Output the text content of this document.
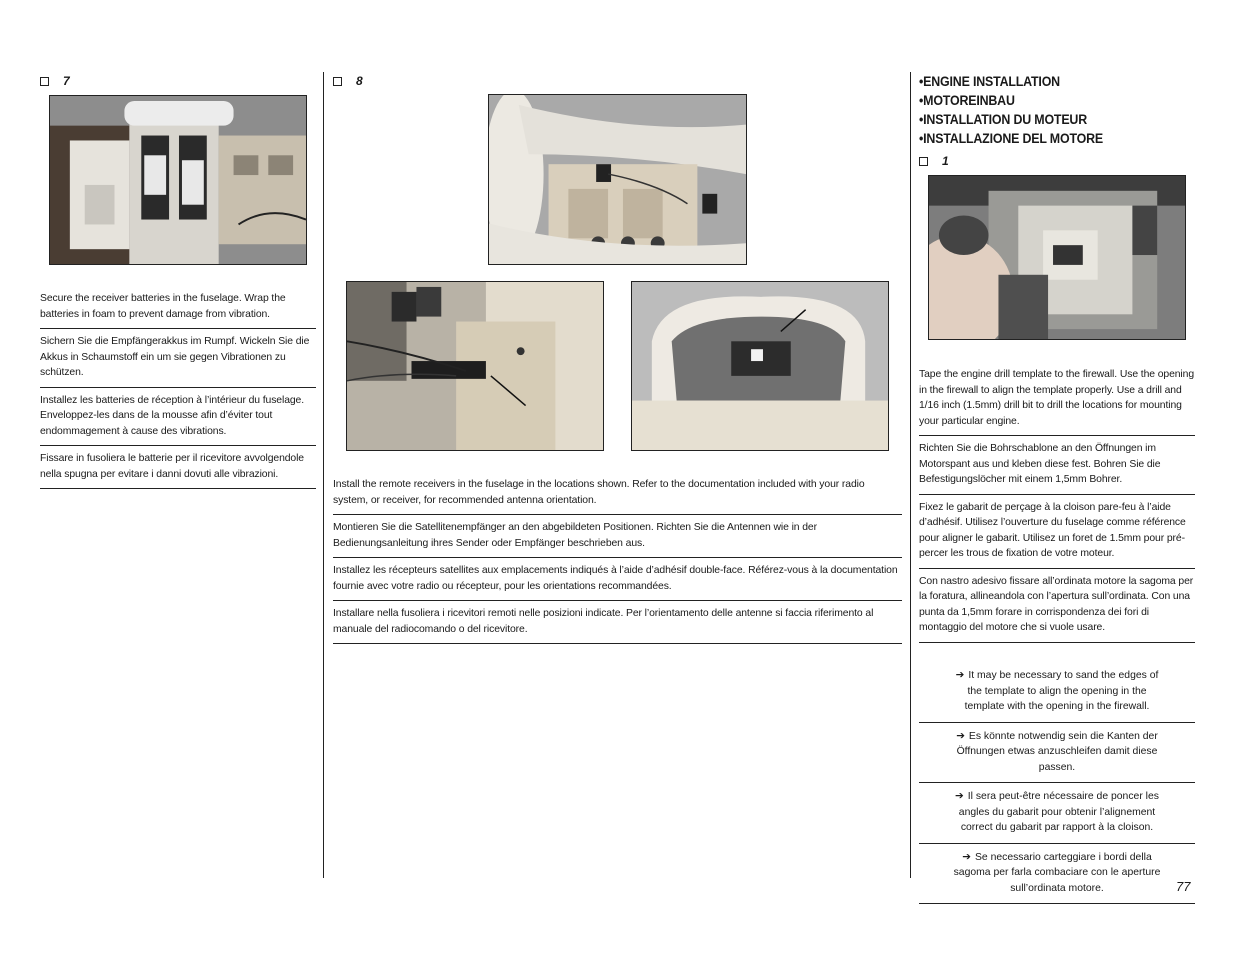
7
Secure the receiver batteries in the fuselage. Wrap the batteries in foam to prevent damage from vibration.
Sichern Sie die Empfängerakkus im Rumpf. Wickeln Sie die Akkus in Schaumstoff ein um sie gegen Vibrationen zu schützen.
Installez les batteries de réception à l’intérieur du fuselage. Enveloppez-les dans de la mousse afin d’éviter tout endommagement à cause des vibrations.
Fissare in fusoliera le batterie per il ricevitore avvolgendole nella spugna per evitare i danni dovuti alle vibrazioni.
8
Install the remote receivers in the fuselage in the locations shown. Refer to the documentation included with your radio system, or receiver, for recommended antenna orientation.
Montieren Sie die Satellitenempfänger an den abgebildeten Positionen. Richten Sie die Antennen wie in der Bedienungsanleitung ihres Sender oder Empfänger beschrieben aus.
Installez les récepteurs satellites aux emplacements indiqués à l’aide d’adhésif double-face. Référez-vous à la documentation fournie avec votre radio ou récepteur, pour les orientations recommandées.
Installare nella fusoliera i ricevitori remoti nelle posizioni indicate. Per l’orientamento delle antenne si faccia riferimento al manuale del radiocomando o del ricevitore.
•ENGINE INSTALLATION
•MOTOREINBAU
•INSTALLATION DU MOTEUR
•INSTALLAZIONE DEL MOTORE
1
Tape the engine drill template to the firewall. Use the opening in the firewall to align the template properly. Use a drill and 1/16 inch (1.5mm) drill bit to drill the locations for mounting your particular engine.
Richten Sie die Bohrschablone an den Öffnungen im Motorspant aus und kleben diese fest. Bohren Sie die Befestigungslöcher mit einem 1,5mm Bohrer.
Fixez le gabarit de perçage à la cloison pare-feu à l’aide d’adhésif. Utilisez l’ouverture du fuselage comme référence pour aligner le gabarit. Utilisez un foret de 1.5mm pour pré-percer les trous de fixation de votre moteur.
Con nastro adesivo fissare all’ordinata motore la sagoma per la foratura, allineandola con l’apertura sull’ordinata. Con una punta da 1,5mm forare in corrispondenza dei fori di montaggio del motore che si vuole usare.
➔ It may be necessary to sand the edges of the template to align the opening in the template with the opening in the firewall.
➔ Es könnte notwendig sein die Kanten der Öffnungen etwas anzuschleifen damit diese passen.
➔ Il sera peut-être nécessaire de poncer les angles du gabarit pour obtenir l’alignement correct du gabarit par rapport à la cloison.
➔ Se necessario carteggiare i bordi della sagoma per farla combaciare con le aperture sull’ordinata motore.	77
